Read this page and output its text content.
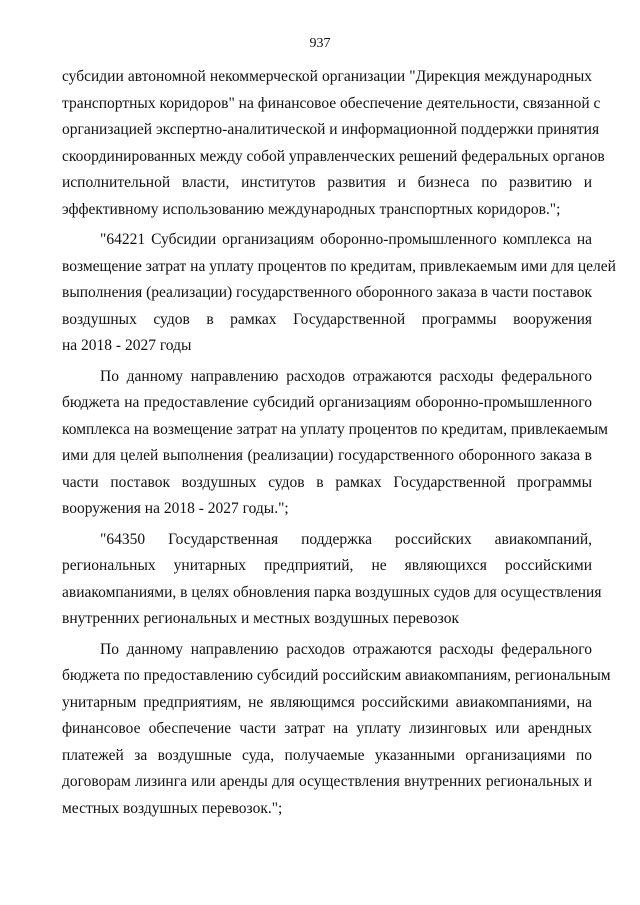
937

субсидии автономной некоммерческой организации "Дирекция международных
транспортных коридоров" на финансовое обеспечение деятельности, связанной с
организацией экспертно-аналитической и информационной поддержки принятия
скоординированных между собой управленческих решений федеральных органов
исполнительной власти, институтов развития и бизнеса по развитию и
эффективному использованию международных транспортных коридоров.";

"64221 Субсидии организациям оборонно-промышленного комплекса на
возмещение затрат на уплату процентов по кредитам, привлекаемым ими для целей
выполнения (реализации) государственного оборонного заказа в части поставок
воздушных судов в рамках Государственной программы вооружения
на 2018 - 2027 годы

По данному направлению расходов отражаются расходы федерального
бюджета на предоставление субсидий организациям оборонно-промышленного
комплекса на возмещение затрат на уплату процентов по кредитам, привлекаемым
ими для целей выполнения (реализации) государственного оборонного заказа в
части поставок воздушных судов в рамках Государственной программы
вооружения на 2018 - 2027 годы.";

"64350 Государственная поддержка российских авиакомпаний,
региональных унитарных предприятий, не являющихся российскими
авиакомпаниями, в целях обновления парка воздушных судов для осуществления
внутренних региональных и местных воздушных перевозок

По данному направлению расходов отражаются расходы федерального
бюджета по предоставлению субсидий российским авиакомпаниям, региональным
унитарным предприятиям, не являющимся российскими авиакомпаниями, на
финансовое обеспечение части затрат на уплату лизинговых или арендных
платежей за воздушные суда, получаемые указанными организациями по
договорам лизинга или аренды для осуществления внутренних региональных и
местных воздушных перевозок.";
